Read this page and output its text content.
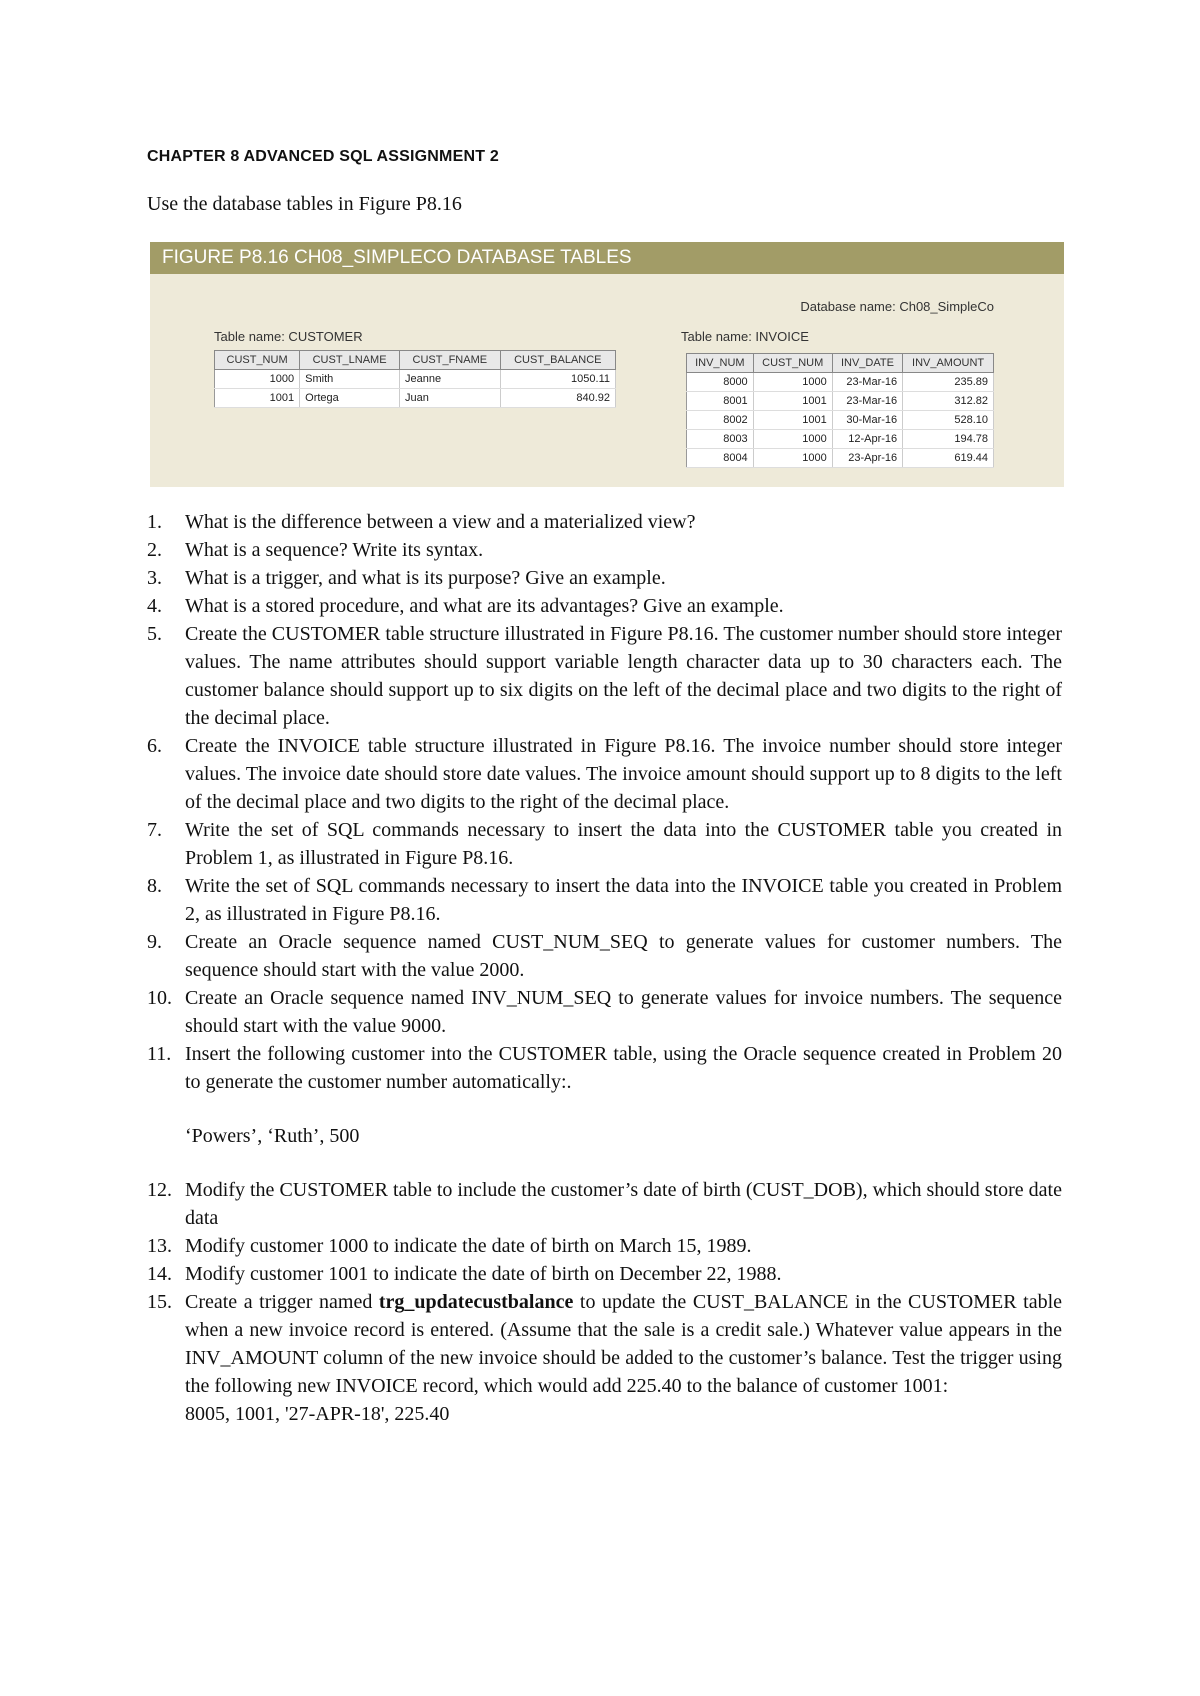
CHAPTER 8 ADVANCED SQL ASSIGNMENT 2
Use the database tables in Figure P8.16
FIGURE P8.16 CH08_SIMPLECO DATABASE TABLES
Database name: Ch08_SimpleCo
Table name: CUSTOMER	Table name: INVOICE
CUST_NUM	CUST_LNAME	CUST_FNAME	CUST_BALANCE
1000	Smith	Jeanne	1050.11
1001	Ortega	Juan	840.92
INV_NUM	CUST_NUM	INV_DATE	INV_AMOUNT
8000	1000	23-Mar-16	235.89
8001	1001	23-Mar-16	312.82
8002	1001	30-Mar-16	528.10
8003	1000	12-Apr-16	194.78
8004	1000	23-Apr-16	619.44
1. What is the difference between a view and a materialized view?
2. What is a sequence? Write its syntax.
3. What is a trigger, and what is its purpose? Give an example.
4. What is a stored procedure, and what are its advantages? Give an example.
5. Create the CUSTOMER table structure illustrated in Figure P8.16. The customer number should store integer values. The name attributes should support variable length character data up to 30 characters each. The customer balance should support up to six digits on the left of the decimal place and two digits to the right of the decimal place.
6. Create the INVOICE table structure illustrated in Figure P8.16. The invoice number should store integer values. The invoice date should store date values. The invoice amount should support up to 8 digits to the left of the decimal place and two digits to the right of the decimal place.
7. Write the set of SQL commands necessary to insert the data into the CUSTOMER table you created in Problem 1, as illustrated in Figure P8.16.
8. Write the set of SQL commands necessary to insert the data into the INVOICE table you created in Problem 2, as illustrated in Figure P8.16.
9. Create an Oracle sequence named CUST_NUM_SEQ to generate values for customer numbers. The sequence should start with the value 2000.
10. Create an Oracle sequence named INV_NUM_SEQ to generate values for invoice numbers. The sequence should start with the value 9000.
11. Insert the following customer into the CUSTOMER table, using the Oracle sequence created in Problem 20 to generate the customer number automatically:.
‘Powers’, ‘Ruth’, 500
12. Modify the CUSTOMER table to include the customer’s date of birth (CUST_DOB), which should store date data
13. Modify customer 1000 to indicate the date of birth on March 15, 1989.
14. Modify customer 1001 to indicate the date of birth on December 22, 1988.
15. Create a trigger named trg_updatecustbalance to update the CUST_BALANCE in the CUSTOMER table when a new invoice record is entered. (Assume that the sale is a credit sale.) Whatever value appears in the INV_AMOUNT column of the new invoice should be added to the customer’s balance. Test the trigger using the following new INVOICE record, which would add 225.40 to the balance of customer 1001:
8005, 1001, '27-APR-18', 225.40
